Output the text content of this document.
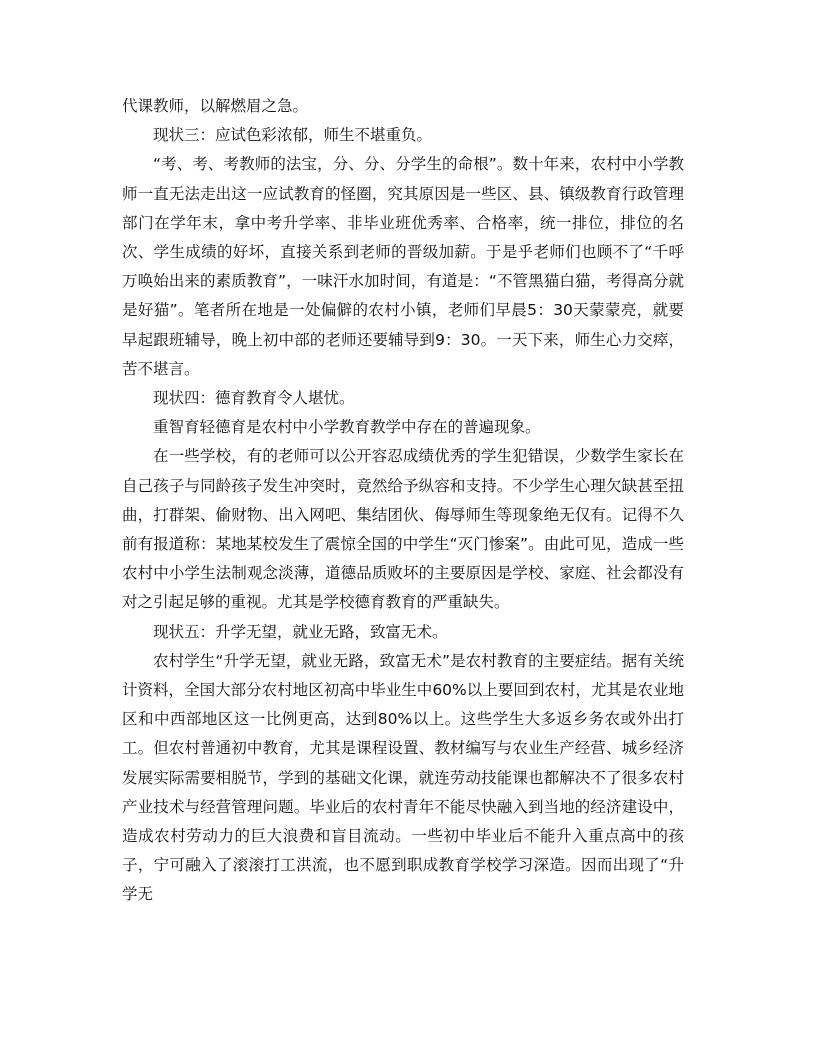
代课教师，以解燃眉之急。

现状三：应试色彩浓郁，师生不堪重负。

“考、考、考教师的法宝，分、分、分学生的命根”。数十年来，农村中小学教师一直无法走出这一应试教育的怪圈，究其原因是一些区、县、镇级教育行政管理部门在学年末，拿中考升学率、非毕业班优秀率、合格率，统一排位，排位的名次、学生成绩的好坏，直接关系到老师的晋级加薪。于是乎老师们也顾不了“千呼万唤始出来的素质教育”，一味汗水加时间，有道是：“不管黑猫白猫，考得高分就是好猫”。笔者所在地是一处偏僻的农村小镇，老师们早晨5：30天蒙蒙亮，就要早起跟班辅导，晚上初中部的老师还要辅导到9：30。一天下来，师生心力交瘁，苦不堪言。

现状四：德育教育令人堪忧。

重智育轻德育是农村中小学教育教学中存在的普遍现象。

在一些学校，有的老师可以公开容忍成绩优秀的学生犯错误，少数学生家长在自己孩子与同龄孩子发生冲突时，竟然给予纵容和支持。不少学生心理欠缺甚至扭曲，打群架、偷财物、出入网吧、集结团伙、侮辱师生等现象绝无仅有。记得不久前有报道称：某地某校发生了震惊全国的中学生“灭门惨案”。由此可见，造成一些农村中小学生法制观念淡薄，道德品质败坏的主要原因是学校、家庭、社会都没有对之引起足够的重视。尤其是学校德育教育的严重缺失。

现状五：升学无望，就业无路，致富无术。

农村学生“升学无望，就业无路，致富无术”是农村教育的主要症结。据有关统计资料，全国大部分农村地区初高中毕业生中60%以上要回到农村，尤其是农业地区和中西部地区这一比例更高，达到80%以上。这些学生大多返乡务农或外出打工。但农村普通初中教育，尤其是课程设置、教材编写与农业生产经营、城乡经济发展实际需要相脱节，学到的基础文化课，就连劳动技能课也都解决不了很多农村产业技术与经营管理问题。毕业后的农村青年不能尽快融入到当地的经济建设中，造成农村劳动力的巨大浪费和盲目流动。一些初中毕业后不能升入重点高中的孩子，宁可融入了滚滚打工洪流，也不愿到职成教育学校学习深造。因而出现了“升学无
